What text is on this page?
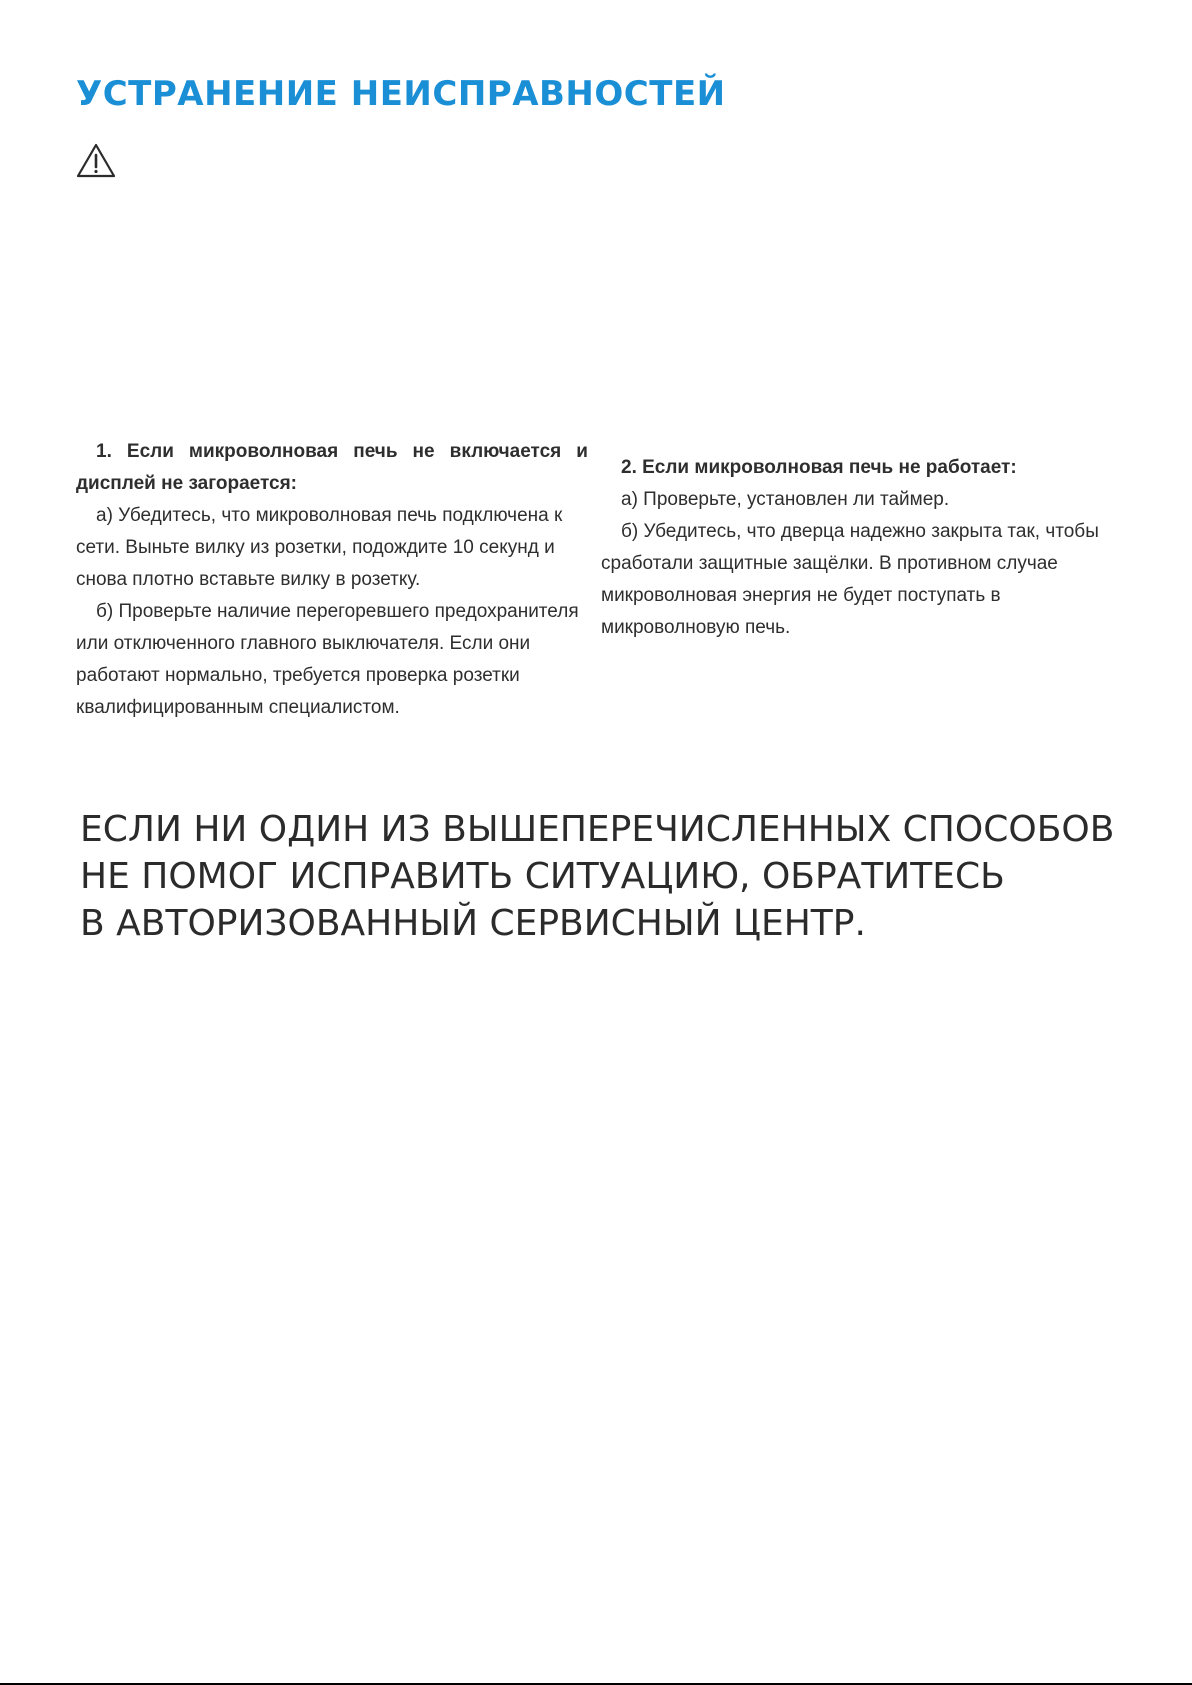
УСТРАНЕНИЕ НЕИСПРАВНОСТЕЙ

1. Если микроволновая печь не включается и дисплей не загорается:

а) Убедитесь, что микроволновая печь подключена к сети. Выньте вилку из розетки, подождите 10 секунд и снова плотно вставьте вилку в розетку.

б) Проверьте наличие перегоревшего предохранителя или отключенного главного выключателя. Если они работают нормально, требуется проверка розетки квалифицированным специалистом.

2. Если микроволновая печь не работает:

а) Проверьте, установлен ли таймер.

б) Убедитесь, что дверца надежно закрыта так, чтобы сработали защитные защёлки. В противном случае микроволновая энергия не будет поступать в микроволновую печь.

ЕСЛИ НИ ОДИН ИЗ ВЫШЕПЕРЕЧИСЛЕННЫХ СПОСОБОВ
НЕ ПОМОГ ИСПРАВИТЬ СИТУАЦИЮ, ОБРАТИТЕСЬ
В АВТОРИЗОВАННЫЙ СЕРВИСНЫЙ ЦЕНТР.
